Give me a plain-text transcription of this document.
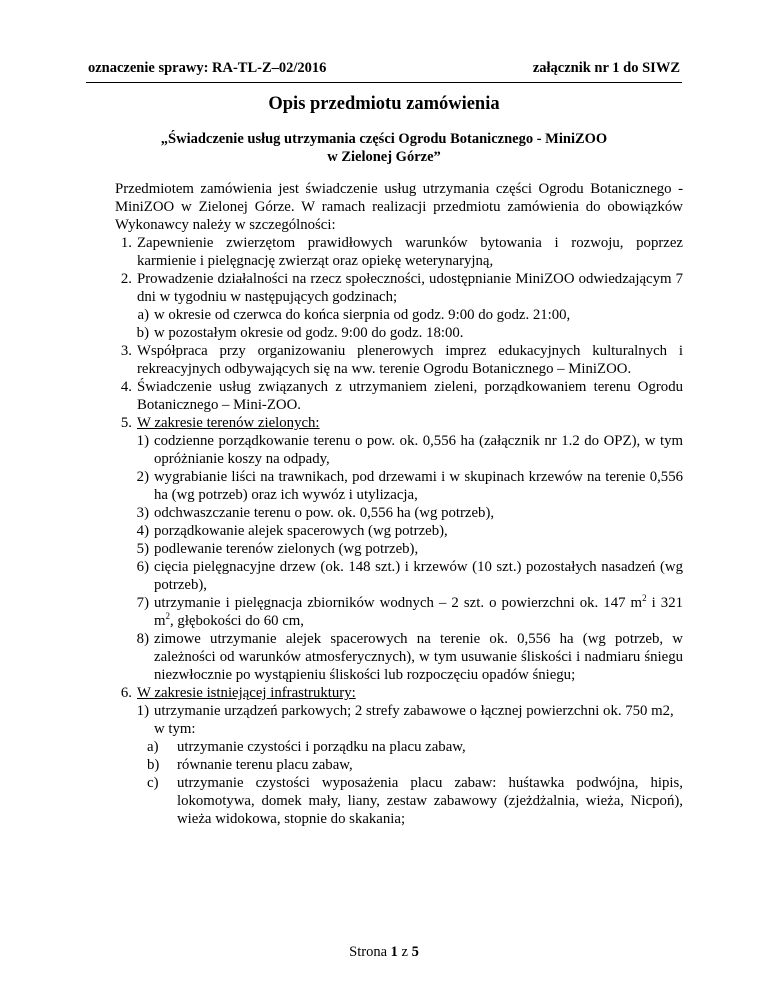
oznaczenie sprawy: RA-TL-Z–02/2016	załącznik nr 1 do SIWZ
Opis przedmiotu zamówienia
„Świadczenie usług utrzymania części Ogrodu Botanicznego - MiniZOO
w Zielonej Górze”
Przedmiotem zamówienia jest świadczenie usług utrzymania części Ogrodu Botanicznego - MiniZOO w Zielonej Górze. W ramach realizacji przedmiotu zamówienia do obowiązków Wykonawcy należy w szczególności:
1. Zapewnienie zwierzętom prawidłowych warunków bytowania i rozwoju, poprzez karmienie i pielęgnację zwierząt oraz opiekę weterynaryjną,
2. Prowadzenie działalności na rzecz społeczności, udostępnianie MiniZOO odwiedzającym 7 dni w tygodniu w następujących godzinach;
a) w okresie od czerwca do końca sierpnia od godz. 9:00 do godz. 21:00,
b) w pozostałym okresie od godz. 9:00 do godz. 18:00.
3. Współpraca przy organizowaniu plenerowych imprez edukacyjnych kulturalnych i rekreacyjnych odbywających się na ww. terenie Ogrodu Botanicznego – MiniZOO.
4. Świadczenie usług związanych z utrzymaniem zieleni, porządkowaniem terenu Ogrodu Botanicznego – Mini-ZOO.
5. W zakresie terenów zielonych:
1) codzienne porządkowanie terenu o pow. ok. 0,556 ha (załącznik nr 1.2 do OPZ), w tym opróżnianie koszy na odpady,
2) wygrabianie liści na trawnikach, pod drzewami i w skupinach krzewów na terenie 0,556 ha (wg potrzeb) oraz ich wywóz i utylizacja,
3) odchwaszczanie terenu o pow. ok. 0,556 ha (wg potrzeb),
4) porządkowanie alejek spacerowych (wg potrzeb),
5) podlewanie terenów zielonych (wg potrzeb),
6) cięcia pielęgnacyjne drzew (ok. 148 szt.) i krzewów (10 szt.) pozostałych nasadzeń (wg potrzeb),
7) utrzymanie i pielęgnacja zbiorników wodnych – 2 szt. o powierzchni ok. 147 $m^2$ i 321 $m^2$, głębokości do 60 cm,
8) zimowe utrzymanie alejek spacerowych na terenie ok. 0,556 ha (wg potrzeb, w zależności od warunków atmosferycznych), w tym usuwanie śliskości i nadmiaru śniegu niezwłocznie po wystąpieniu śliskości lub rozpoczęciu opadów śniegu;
6. W zakresie istniejącej infrastruktury:
1) utrzymanie urządzeń parkowych; 2 strefy zabawowe o łącznej powierzchni ok. 750 m2,
w tym:
a)	utrzymanie czystości i porządku na placu zabaw,
b)	równanie terenu placu zabaw,
c)	utrzymanie czystości wyposażenia placu zabaw: huśtawka podwójna, hipis, lokomotywa, domek mały, liany, zestaw zabawowy (zjeżdżalnia, wieża, Nicpoń), wieża widokowa, stopnie do skakania;
Strona 1 z 5
